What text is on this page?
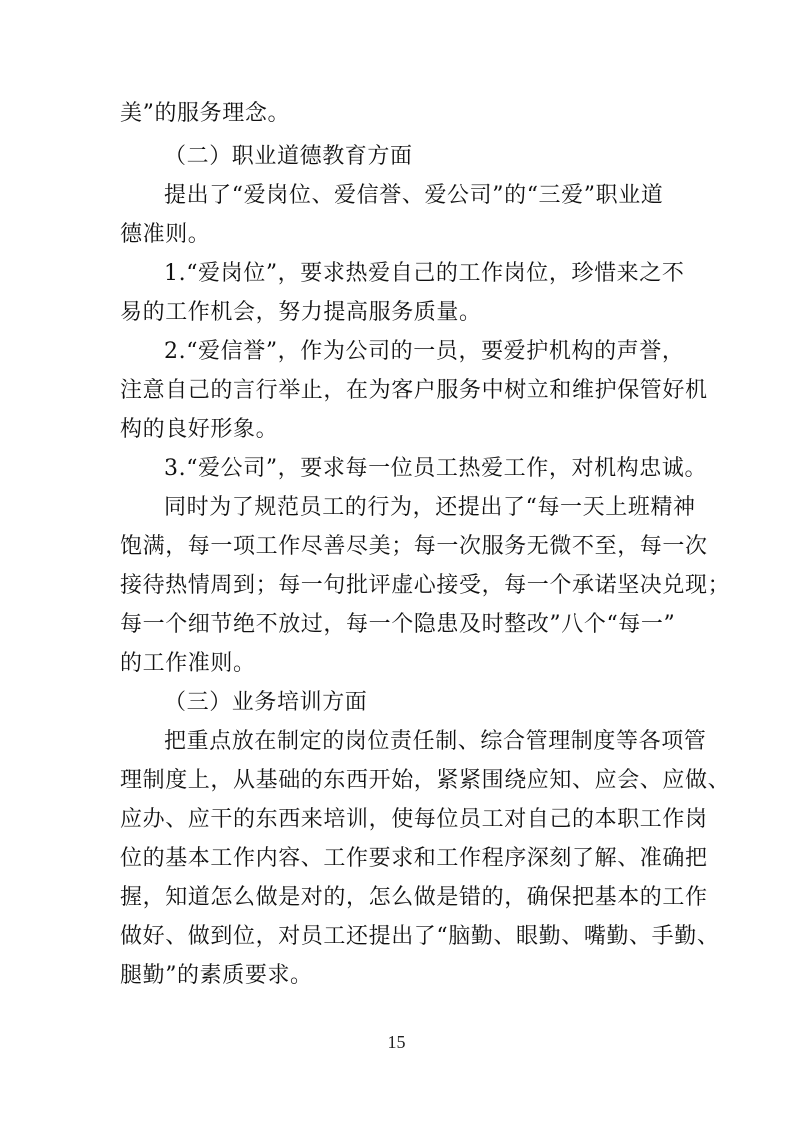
美”的服务理念。
（二）职业道德教育方面
提出了“爱岗位、爱信誉、爱公司”的“三爱”职业道
德准则。
1.“爱岗位”，要求热爱自己的工作岗位，珍惜来之不
易的工作机会，努力提高服务质量。
2.“爱信誉”，作为公司的一员，要爱护机构的声誉，
注意自己的言行举止，在为客户服务中树立和维护保管好机
构的良好形象。
3.“爱公司”，要求每一位员工热爱工作，对机构忠诚。
同时为了规范员工的行为，还提出了“每一天上班精神
饱满，每一项工作尽善尽美；每一次服务无微不至，每一次
接待热情周到；每一句批评虚心接受，每一个承诺坚决兑现；
每一个细节绝不放过，每一个隐患及时整改”八个“每一”
的工作准则。
（三）业务培训方面
把重点放在制定的岗位责任制、综合管理制度等各项管
理制度上，从基础的东西开始，紧紧围绕应知、应会、应做、
应办、应干的东西来培训，使每位员工对自己的本职工作岗
位的基本工作内容、工作要求和工作程序深刻了解、准确把
握，知道怎么做是对的，怎么做是错的，确保把基本的工作
做好、做到位，对员工还提出了“脑勤、眼勤、嘴勤、手勤、
腿勤”的素质要求。
15
